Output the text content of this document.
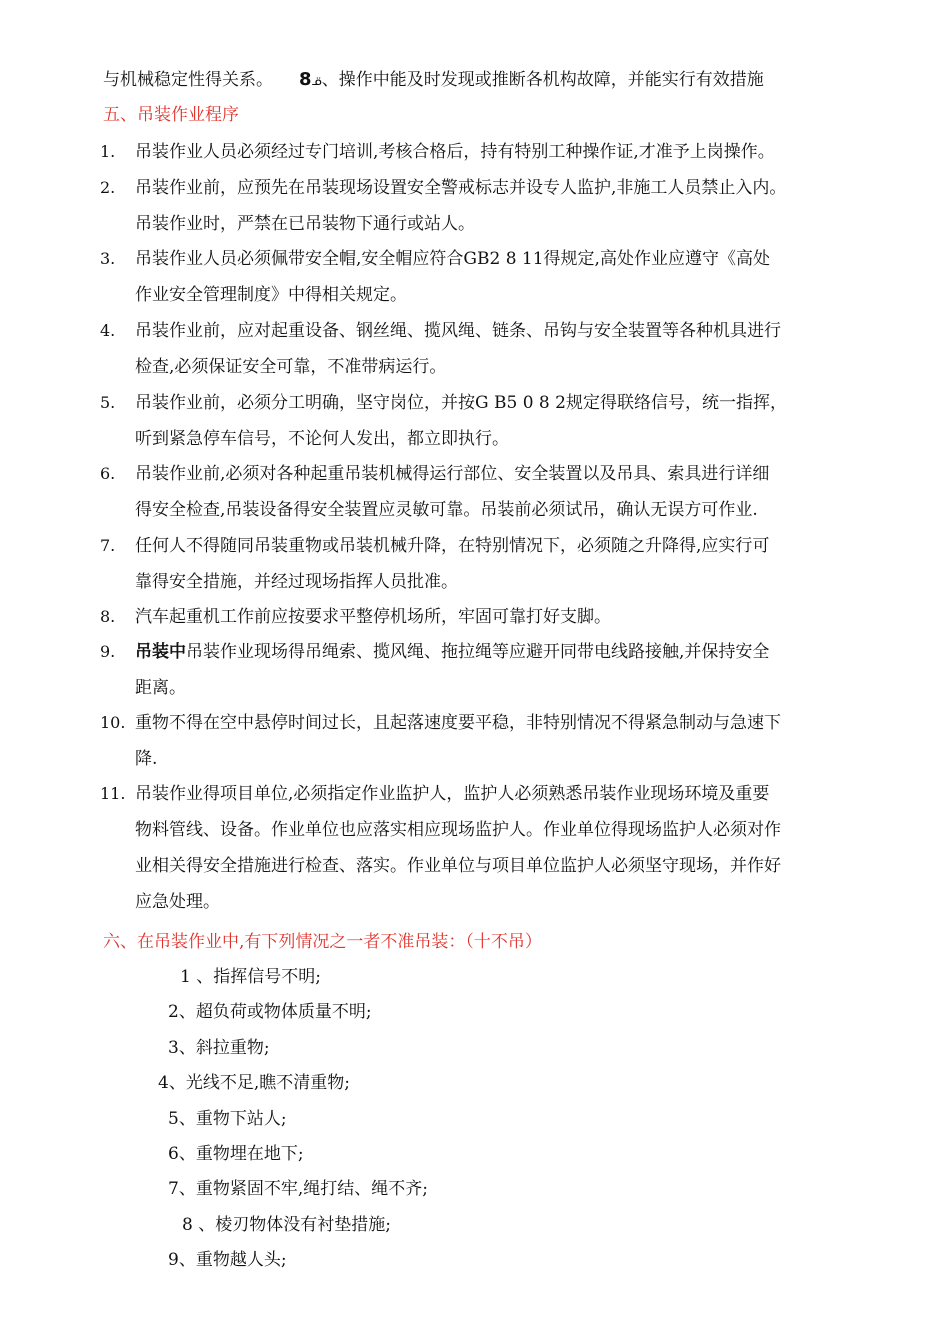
与机械稳定性得关系。 8ᓆ、操作中能及时发现或推断各机构故障，并能实行有效措施
五、吊装作业程序
1. 吊装作业人员必须经过专门培训,考核合格后，持有特别工种操作证,才准予上岗操作。
2. 吊装作业前，应预先在吊装现场设置安全警戒标志并设专人监护,非施工人员禁止入内。
吊装作业时，严禁在已吊装物下通行或站人。
3. 吊装作业人员必须佩带安全帽,安全帽应符合GB2 8 11得规定,高处作业应遵守《高处
作业安全管理制度》中得相关规定。
4. 吊装作业前，应对起重设备、钢丝绳、揽风绳、链条、吊钩与安全装置等各种机具进行
检查,必须保证安全可靠，不准带病运行。
5. 吊装作业前，必须分工明确，坚守岗位，并按G B5 0 8 2规定得联络信号，统一指挥，
听到紧急停车信号，不论何人发出，都立即执行。
6. 吊装作业前,必须对各种起重吊装机械得运行部位、安全装置以及吊具、索具进行详细
得安全检查,吊装设备得安全装置应灵敏可靠。吊装前必须试吊，确认无误方可作业.
7. 任何人不得随同吊装重物或吊装机械升降，在特别情况下，必须随之升降得,应实行可
靠得安全措施，并经过现场指挥人员批准。
8. 汽车起重机工作前应按要求平整停机场所，牢固可靠打好支脚。
9. 吊装中吊装作业现场得吊绳索、揽风绳、拖拉绳等应避开同带电线路接触,并保持安全
距离。
10. 重物不得在空中悬停时间过长，且起落速度要平稳，非特别情况不得紧急制动与急速下
降.
11. 吊装作业得项目单位,必须指定作业监护人，监护人必须熟悉吊装作业现场环境及重要
物料管线、设备。作业单位也应落实相应现场监护人。作业单位得现场监护人必须对作
业相关得安全措施进行检查、落实。作业单位与项目单位监护人必须坚守现场，并作好
应急处理。
六、在吊装作业中,有下列情况之一者不准吊装：（十不吊）
1 、指挥信号不明;
2、超负荷或物体质量不明;
3、斜拉重物;
4、光线不足,瞧不清重物;
5、重物下站人;
6、重物埋在地下;
7、重物紧固不牢,绳打结、绳不齐;
8 、棱刃物体没有衬垫措施;
9、重物越人头;
